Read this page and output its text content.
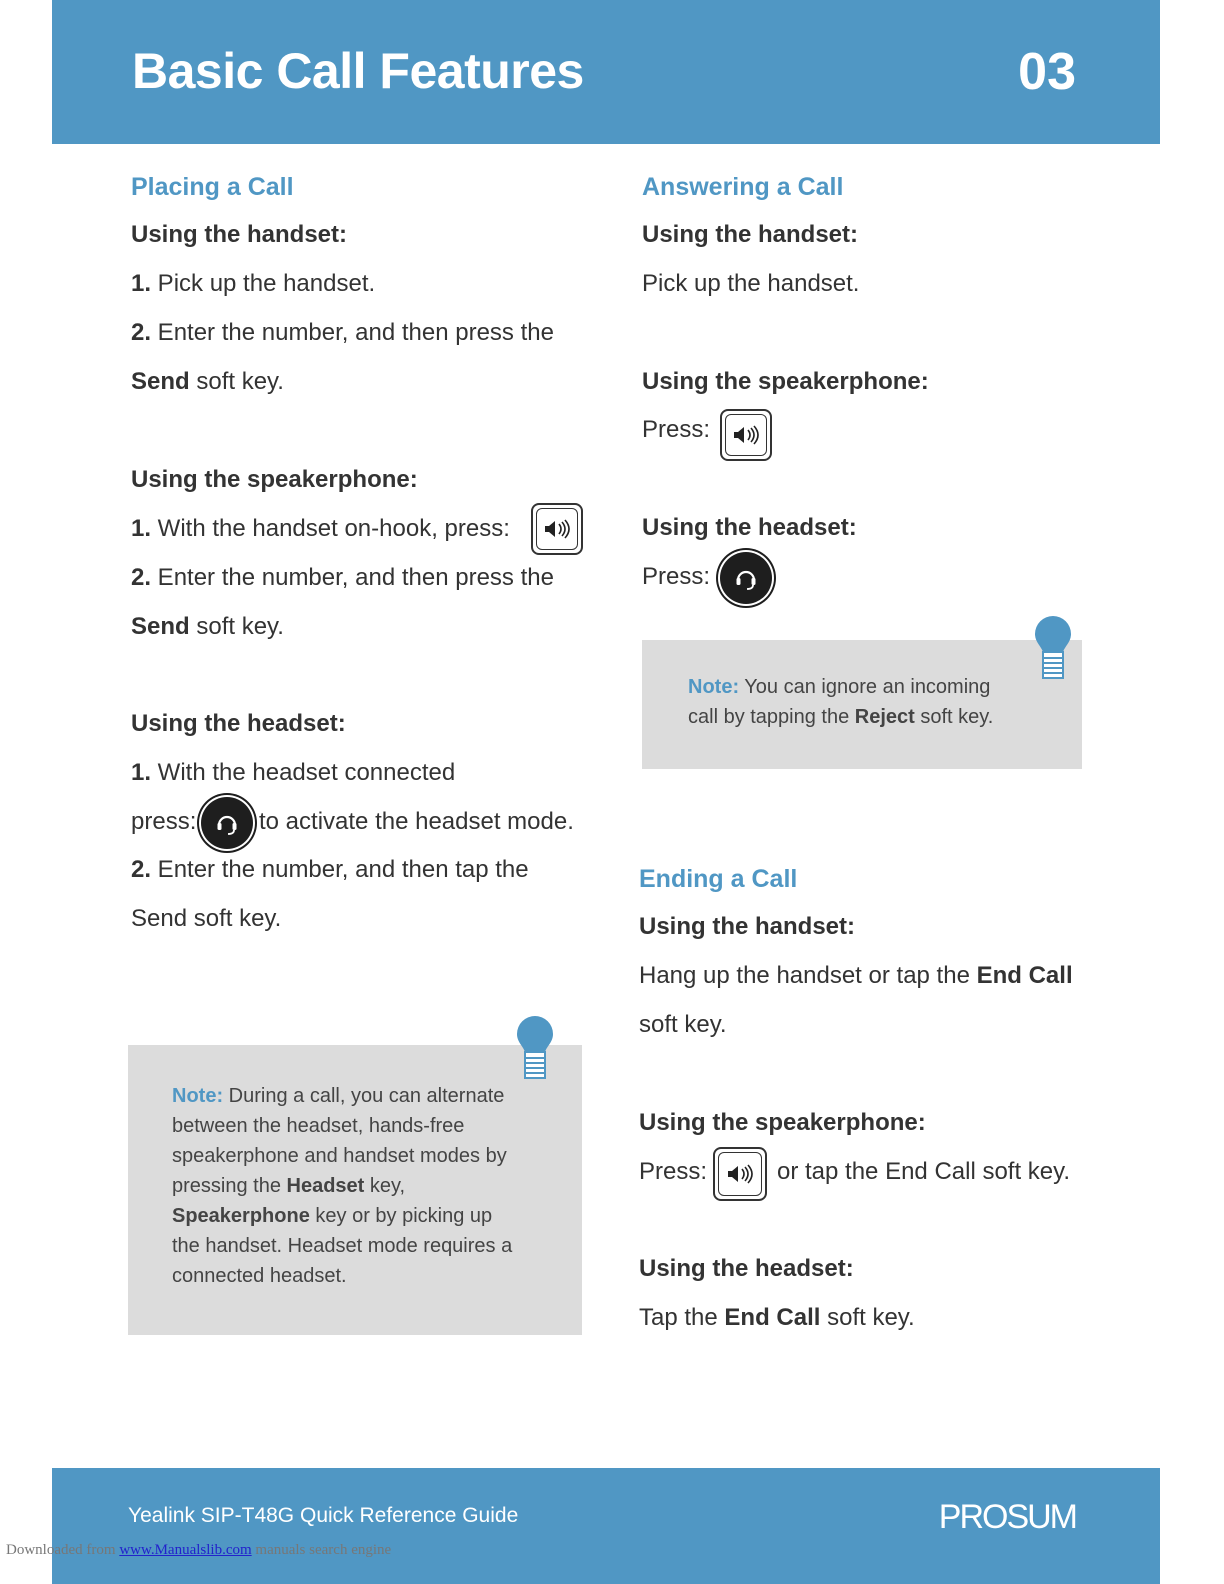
Basic Call Features	03
Placing a Call
Using the handset:
1. Pick up the handset.
2. Enter the number, and then press the
Send soft key.
Using the speakerphone:
1. With the handset on-hook, press:
2. Enter the number, and then press the
Send soft key.
Using the headset:
1. With the headset connected
press:	to activate the headset mode.
2. Enter the number, and then tap the
Send soft key.
Note: During a call, you can alternate
between the headset, hands-free
speakerphone and handset modes by
pressing the Headset key,
Speakerphone key or by picking up
the handset. Headset mode requires a
connected headset.
Answering a Call
Using the handset:
Pick up the handset.
Using the speakerphone:
Press:
Using the headset:
Press:
Note: You can ignore an incoming
call by tapping the Reject soft key.
Ending a Call
Using the handset:
Hang up the handset or tap the End Call
soft key.
Using the speakerphone:
Press:	or tap the End Call soft key.
Using the headset:
Tap the End Call soft key.
Yealink SIP-T48G Quick Reference Guide	PROSUM
Downloaded from www.Manualslib.com manuals search engine
